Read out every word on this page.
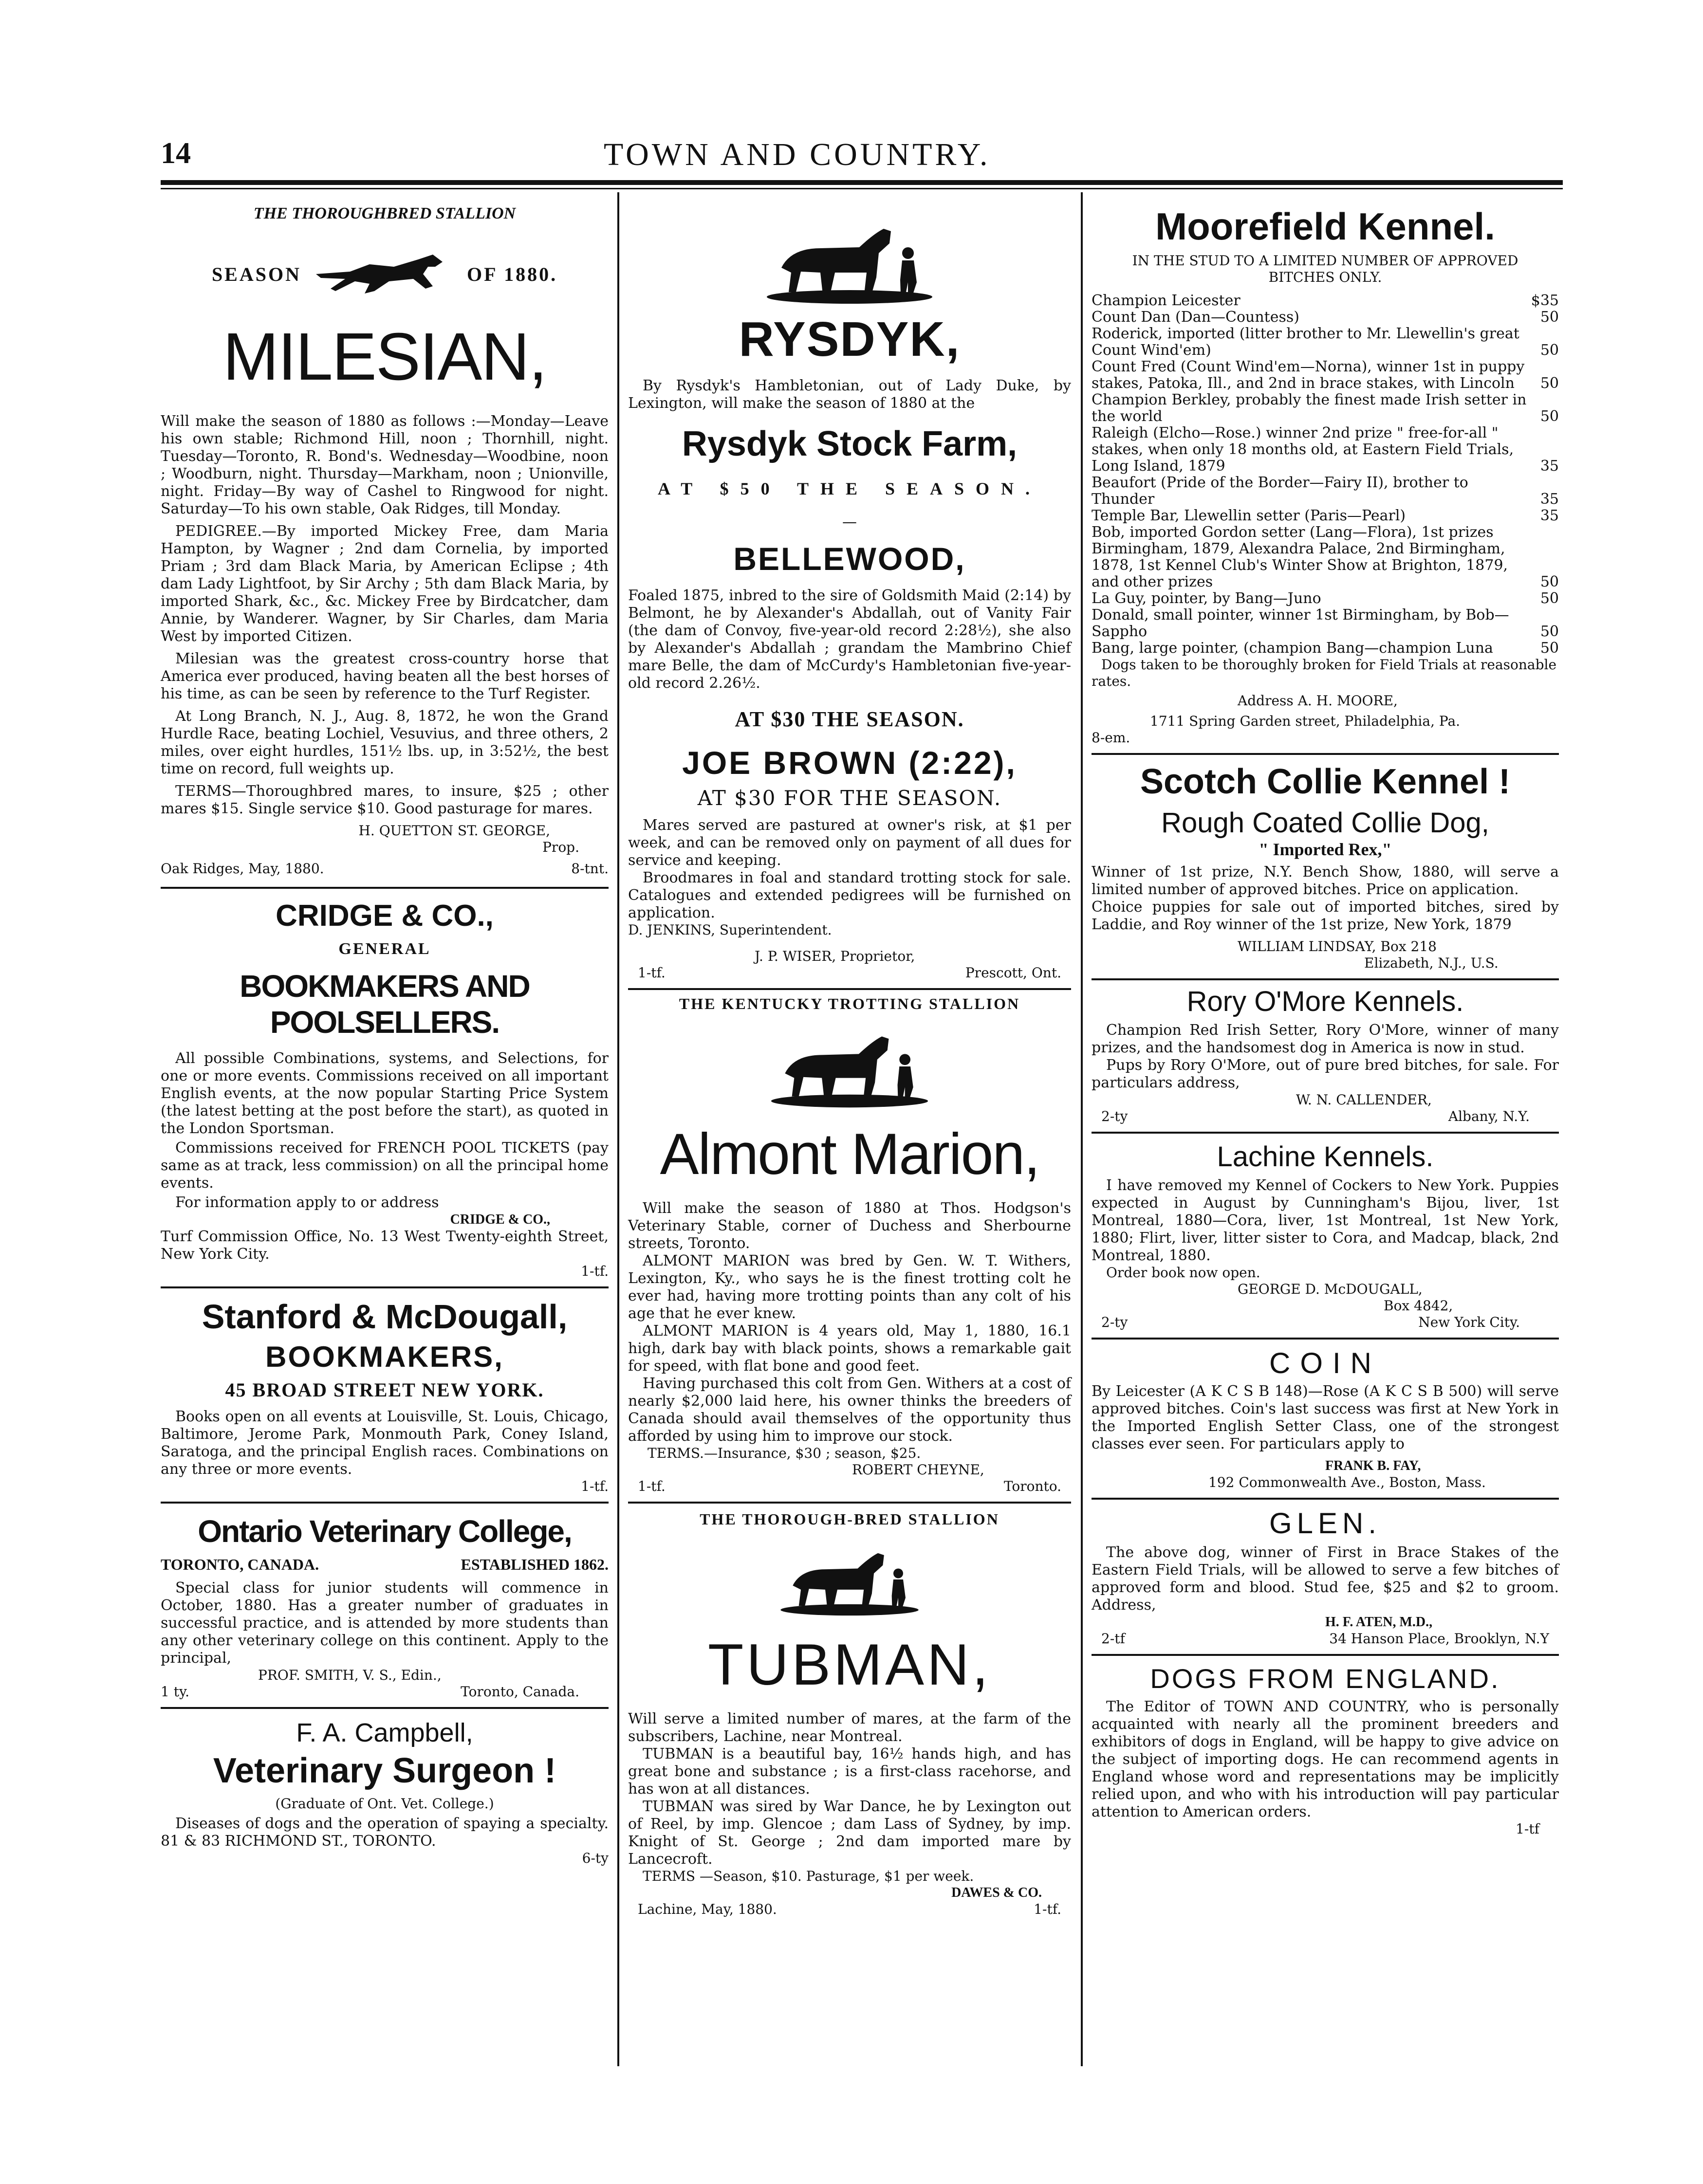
14	TOWN AND COUNTRY.
THE THOROUGHBRED STALLION
SEASON	OF 1880.
MILESIAN,

Will make the season of 1880 as follows :—Monday—Leave his own stable; Richmond Hill, noon ; Thornhill, night. Tuesday—Toronto, R. Bond's. Wednesday—Woodbine, noon ; Woodburn, night. Thursday—Markham, noon ; Unionville, night. Friday—By way of Cashel to Ringwood for night. Saturday—To his own stable, Oak Ridges, till Monday.

PEDIGREE.—By imported Mickey Free, dam Maria Hampton, by Wagner ; 2nd dam Cornelia, by imported Priam ; 3rd dam Black Maria, by American Eclipse ; 4th dam Lady Lightfoot, by Sir Archy ; 5th dam Black Maria, by imported Shark, &c., &c. Mickey Free by Birdcatcher, dam Annie, by Wanderer. Wagner, by Sir Charles, dam Maria West by imported Citizen.

Milesian was the greatest cross-country horse that America ever produced, having beaten all the best horses of his time, as can be seen by reference to the Turf Register.

At Long Branch, N. J., Aug. 8, 1872, he won the Grand Hurdle Race, beating Lochiel, Vesuvius, and three others, 2 miles, over eight hurdles, 151½ lbs. up, in 3:52½, the best time on record, full weights up.

TERMS—Thoroughbred mares, to insure, $25 ; other mares $15. Single service $10. Good pasturage for mares.

H. QUETTON ST. GEORGE,
Prop.
Oak Ridges, May, 1880.	8-tnt.
CRIDGE & CO.,
GENERAL
BOOKMAKERS AND POOLSELLERS.

All possible Combinations, systems, and Selections, for one or more events. Commissions received on all important English events, at the now popular Starting Price System (the latest betting at the post before the start), as quoted in the London Sportsman.

Commissions received for FRENCH POOL TICKETS (pay same as at track, less commission) on all the principal home events.

For information apply to or address

CRIDGE & CO.,

Turf Commission Office, No. 13 West Twenty-eighth Street, New York City.

1-tf.
Stanford & McDougall,
BOOKMAKERS,
45 BROAD STREET NEW YORK.

Books open on all events at Louisville, St. Louis, Chicago, Baltimore, Jerome Park, Monmouth Park, Coney Island, Saratoga, and the principal English races. Combinations on any three or more events.

1-tf.
Ontario Veterinary College,
TORONTO, CANADA.	ESTABLISHED 1862.

Special class for junior students will commence in October, 1880. Has a greater number of graduates in successful practice, and is attended by more students than any other veterinary college on this continent. Apply to the principal,

PROF. SMITH, V. S., Edin.,
1 ty.	Toronto, Canada.
F. A. Campbell,
Veterinary Surgeon !
(Graduate of Ont. Vet. College.)

Diseases of dogs and the operation of spaying a specialty. 81 & 83 RICHMOND ST., TORONTO.

6-ty
RYSDYK,

By Rysdyk's Hambletonian, out of Lady Duke, by Lexington, will make the season of 1880 at the

Rysdyk Stock Farm,
AT $50 THE SEASON.
—
BELLEWOOD,

Foaled 1875, inbred to the sire of Goldsmith Maid (2:14) by Belmont, he by Alexander's Abdallah, out of Vanity Fair (the dam of Convoy, five-year-old record 2:28½), she also by Alexander's Abdallah ; grandam the Mambrino Chief mare Belle, the dam of McCurdy's Hambletonian five-year-old record 2.26½.

AT $30 THE SEASON.
JOE BROWN (2:22),
AT $30 FOR THE SEASON.

Mares served are pastured at owner's risk, at $1 per week, and can be removed only on payment of all dues for service and keeping.

Broodmares in foal and standard trotting stock for sale. Catalogues and extended pedigrees will be furnished on application.

D. JENKINS, Superintendent.
J. P. WISER, Proprietor,
1-tf.	Prescott, Ont.
THE KENTUCKY TROTTING STALLION
Almont Marion,

Will make the season of 1880 at Thos. Hodgson's Veterinary Stable, corner of Duchess and Sherbourne streets, Toronto.

ALMONT MARION was bred by Gen. W. T. Withers, Lexington, Ky., who says he is the finest trotting colt he ever had, having more trotting points than any colt of his age that he ever knew.

ALMONT MARION is 4 years old, May 1, 1880, 16.1 high, dark bay with black points, shows a remarkable gait for speed, with flat bone and good feet.

Having purchased this colt from Gen. Withers at a cost of nearly $2,000 laid here, his owner thinks the breeders of Canada should avail themselves of the opportunity thus afforded by using him to improve our stock.

TERMS.—Insurance, $30 ; season, $25.
ROBERT CHEYNE,
1-tf.	Toronto.
THE THOROUGH-BRED STALLION
TUBMAN,

Will serve a limited number of mares, at the farm of the subscribers, Lachine, near Montreal.

TUBMAN is a beautiful bay, 16½ hands high, and has great bone and substance ; is a first-class racehorse, and has won at all distances.

TUBMAN was sired by War Dance, he by Lexington out of Reel, by imp. Glencoe ; dam Lass of Sydney, by imp. Knight of St. George ; 2nd dam imported mare by Lancecroft.

TERMS —Season, $10. Pasturage, $1 per week.
DAWES & CO.
Lachine, May, 1880.	1-tf.
Moorefield Kennel.
IN THE STUD TO A LIMITED NUMBER OF APPROVED BITCHES ONLY.
Champion Leicester	$35
Count Dan (Dan—Countess)	50
Roderick, imported (litter brother to Mr. Llewellin's great Count Wind'em)	50
Count Fred (Count Wind'em—Norna), winner 1st in puppy stakes, Patoka, Ill., and 2nd in brace stakes, with Lincoln	50
Champion Berkley, probably the finest made Irish setter in the world	50
Raleigh (Elcho—Rose.) winner 2nd prize " free-for-all " stakes, when only 18 months old, at Eastern Field Trials, Long Island, 1879	35
Beaufort (Pride of the Border—Fairy II), brother to Thunder	35
Temple Bar, Llewellin setter (Paris—Pearl)	35
Bob, imported Gordon setter (Lang—Flora), 1st prizes Birmingham, 1879, Alexandra Palace, 2nd Birmingham, 1878, 1st Kennel Club's Winter Show at Brighton, 1879, and other prizes	50
La Guy, pointer, by Bang—Juno	50
Donald, small pointer, winner 1st Birmingham, by Bob—Sappho	50
Bang, large pointer, (champion Bang—champion Luna	50
Dogs taken to be thoroughly broken for Field Trials at reasonable rates.
Address A. H. MOORE,
1711 Spring Garden street, Philadelphia, Pa.
8-em.
Scotch Collie Kennel !
Rough Coated Collie Dog,
" Imported Rex,"

Winner of 1st prize, N.Y. Bench Show, 1880, will serve a limited number of approved bitches. Price on application.

Choice puppies for sale out of imported bitches, sired by Laddie, and Roy winner of the 1st prize, New York, 1879

WILLIAM LINDSAY, Box 218
Elizabeth, N.J., U.S.
Rory O'More Kennels.

Champion Red Irish Setter, Rory O'More, winner of many prizes, and the handsomest dog in America is now in stud.

Pups by Rory O'More, out of pure bred bitches, for sale. For particulars address,

W. N. CALLENDER,
2-ty	Albany, N.Y.
Lachine Kennels.

I have removed my Kennel of Cockers to New York. Puppies expected in August by Cunningham's Bijou, liver, 1st Montreal, 1880—Cora, liver, 1st Montreal, 1st New York, 1880; Flirt, liver, litter sister to Cora, and Madcap, black, 2nd Montreal, 1880.

Order book now open.
GEORGE D. McDOUGALL,
Box 4842,
2-ty	New York City.
COIN

By Leicester (A K C S B 148)—Rose (A K C S B 500) will serve approved bitches. Coin's last success was first at New York in the Imported English Setter Class, one of the strongest classes ever seen. For particulars apply to

FRANK B. FAY,
192 Commonwealth Ave., Boston, Mass.
GLEN.

The above dog, winner of First in Brace Stakes of the Eastern Field Trials, will be allowed to serve a few bitches of approved form and blood. Stud fee, $25 and $2 to groom. Address,

H. F. ATEN, M.D.,
2-tf	34 Hanson Place, Brooklyn, N.Y
DOGS FROM ENGLAND.

The Editor of TOWN AND COUNTRY, who is personally acquainted with nearly all the prominent breeders and exhibitors of dogs in England, will be happy to give advice on the subject of importing dogs. He can recommend agents in England whose word and representations may be implicitly relied upon, and who with his introduction will pay particular attention to American orders.

1-tf
